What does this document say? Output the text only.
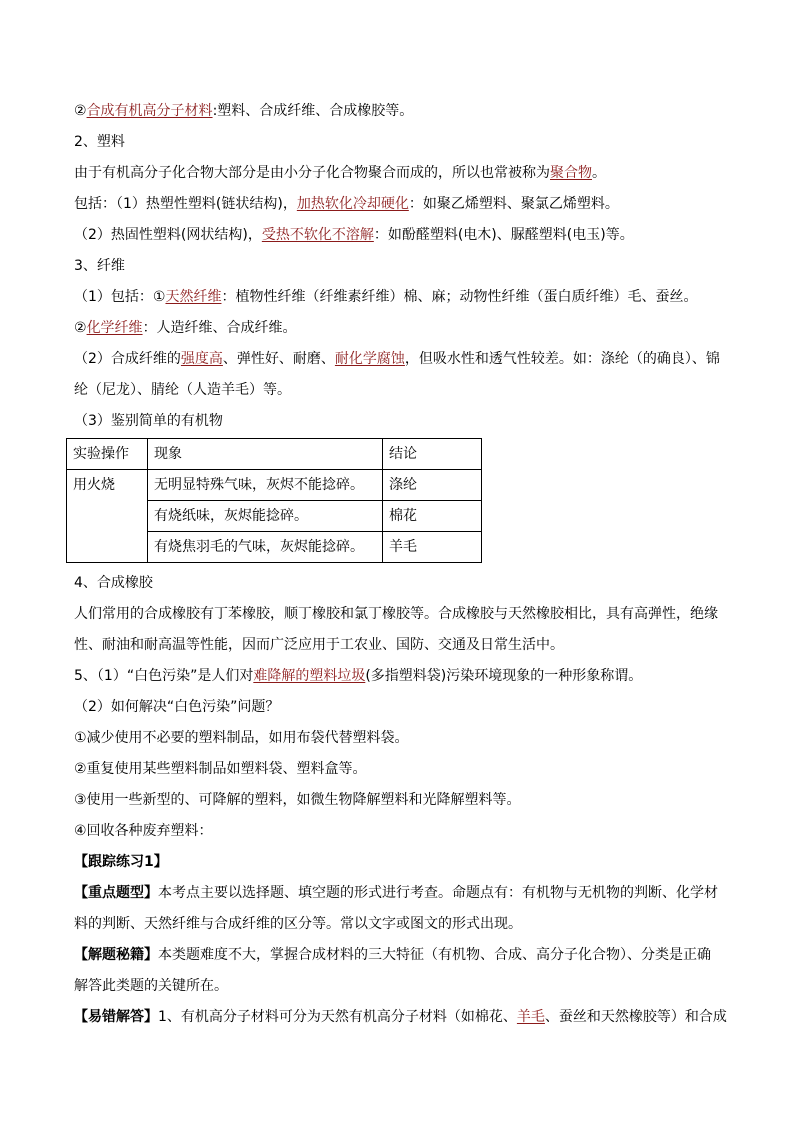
②合成有机高分子材料:塑料、合成纤维、合成橡胶等。
2、塑料
由于有机高分子化合物大部分是由小分子化合物聚合而成的，所以也常被称为聚合物。
包括：（1）热塑性塑料(链状结构)，加热软化冷却硬化：如聚乙烯塑料、聚氯乙烯塑料。
（2）热固性塑料(网状结构)，受热不软化不溶解：如酚醛塑料(电木)、脲醛塑料(电玉)等。
3、纤维
（1）包括：①天然纤维：植物性纤维（纤维素纤维）棉、麻；动物性纤维（蛋白质纤维）毛、蚕丝。
②化学纤维：人造纤维、合成纤维。
（2）合成纤维的强度高、弹性好、耐磨、耐化学腐蚀，但吸水性和透气性较差。如：涤纶（的确良）、锦
纶（尼龙）、腈纶（人造羊毛）等。
（3）鉴别简单的有机物
4、合成橡胶
人们常用的合成橡胶有丁苯橡胶，顺丁橡胶和氯丁橡胶等。合成橡胶与天然橡胶相比，具有高弹性，绝缘
性、耐油和耐高温等性能，因而广泛应用于工农业、国防、交通及日常生活中。
5、（1）“白色污染”是人们对难降解的塑料垃圾(多指塑料袋)污染环境现象的一种形象称谓。
（2）如何解决“白色污染”问题？
①减少使用不必要的塑料制品，如用布袋代替塑料袋。
②重复使用某些塑料制品如塑料袋、塑料盒等。
③使用一些新型的、可降解的塑料，如微生物降解塑料和光降解塑料等。
④回收各种废弃塑料：
【跟踪练习1】
【重点题型】本考点主要以选择题、填空题的形式进行考查。命题点有：有机物与无机物的判断、化学材
料的判断、天然纤维与合成纤维的区分等。常以文字或图文的形式出现。
【解题秘籍】本类题难度不大，掌握合成材料的三大特征（有机物、合成、高分子化合物）、分类是正确
解答此类题的关键所在。
【易错解答】1、有机高分子材料可分为天然有机高分子材料（如棉花、羊毛、蚕丝和天然橡胶等）和合成
实验操作	现象	结论
用火烧	无明显特殊气味，灰烬不能捻碎。	涤纶
	有烧纸味，灰烬能捻碎。	棉花
	有烧焦羽毛的气味，灰烬能捻碎。	羊毛
